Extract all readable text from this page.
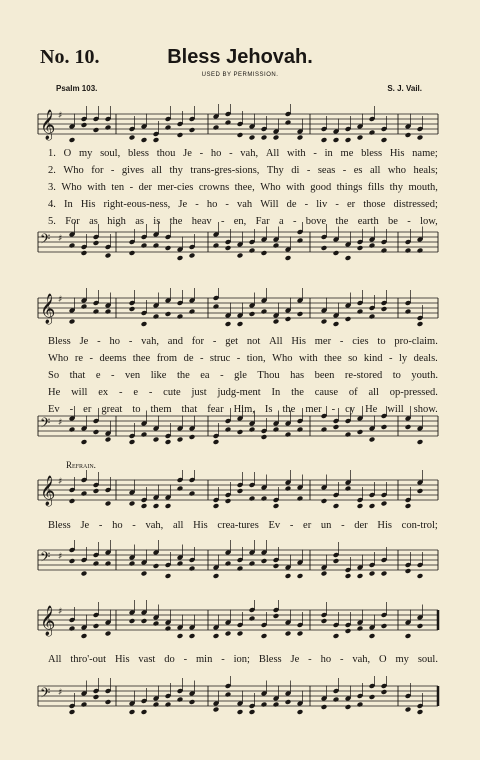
No. 10.	Bless Jehovah.
USED BY PERMISSION.
Psalm 103.	S. J. Vail.
𝄞 ♯
1. O my soul, bless thou Je - ho - vah, All with - in me bless His name;
2. Who for - gives all thy trans-gres-sions, Thy di - seas - es all who heals;
3. Who with ten - der mer-cies crowns thee, Who with good things fills thy mouth,
4. In His right-eous-ness, Je - ho - vah Will de - liv - er those distressed;
5. For as high as is the heav - en, Far a - bove the earth be - low,
𝄢 ♯
𝄞 ♯
Bless Je - ho - vah, and for - get not All His mer - cies to pro-claim.
Who re - deems thee from de - struc - tion, Who with thee so kind - ly deals.
So that e - ven like the ea - gle Thou has been re-stored to youth.
He will ex - e - cute just judg-ment In the cause of all op-pressed.
Ev - er great to them that fear Him, Is the mer - cy He will show.
𝄢 ♯
Refrain.
𝄞 ♯
Bless Je - ho - vah, all His crea-tures Ev - er un - der His con-trol;
𝄢 ♯
𝄞 ♯
All thro'-out His vast do - min - ion; Bless Je - ho - vah, O my soul.
𝄢 ♯
